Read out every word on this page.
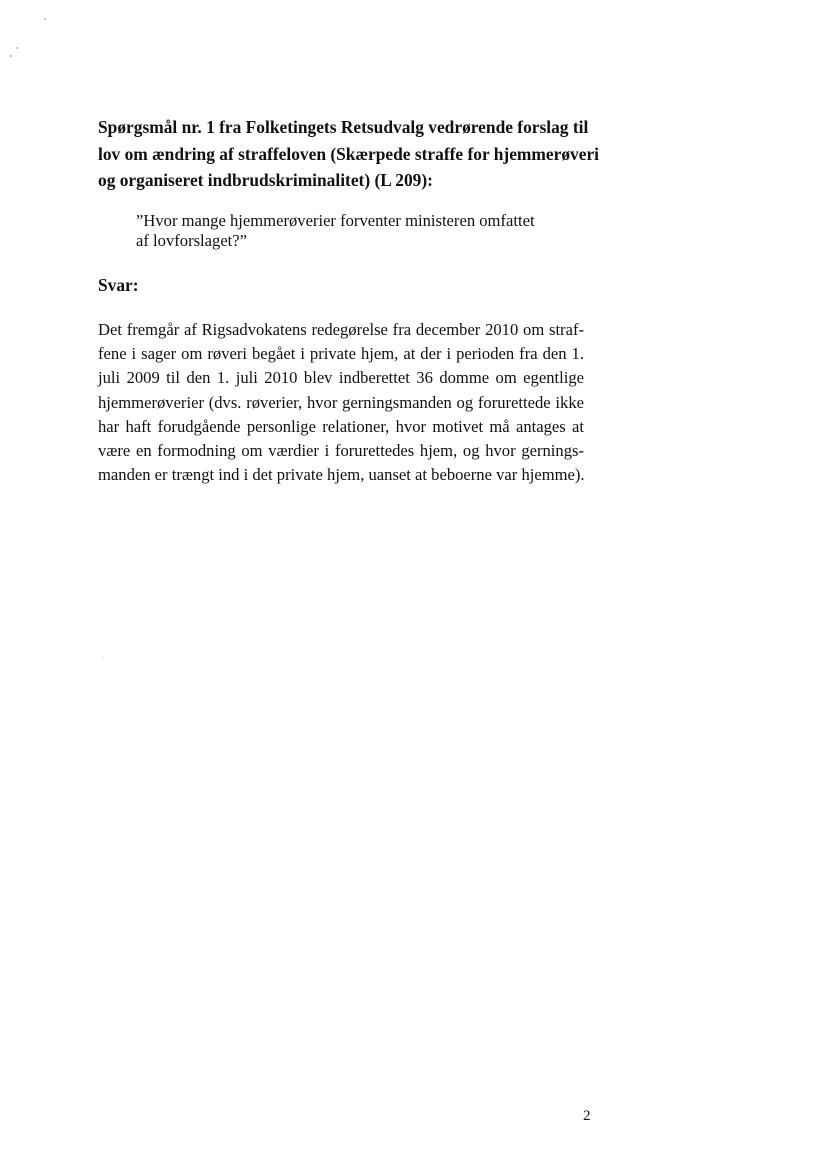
Spørgsmål nr. 1 fra Folketingets Retsudvalg vedrørende forslag til
lov om ændring af straffeloven (Skærpede straffe for hjemmerøveri
og organiseret indbrudskriminalitet) (L 209):
”Hvor mange hjemmerøverier forventer ministeren omfattet
af lovforslaget?”
Svar:

Det fremgår af Rigsadvokatens redegørelse fra december 2010 om straf-
fene i sager om røveri begået i private hjem, at der i perioden fra den 1.
juli 2009 til den 1. juli 2010 blev indberettet 36 domme om egentlige
hjemmerøverier (dvs. røverier, hvor gerningsmanden og forurettede ikke
har haft forudgående personlige relationer, hvor motivet må antages at
være en formodning om værdier i forurettedes hjem, og hvor gernings-
manden er trængt ind i det private hjem, uanset at beboerne var hjemme).

2
